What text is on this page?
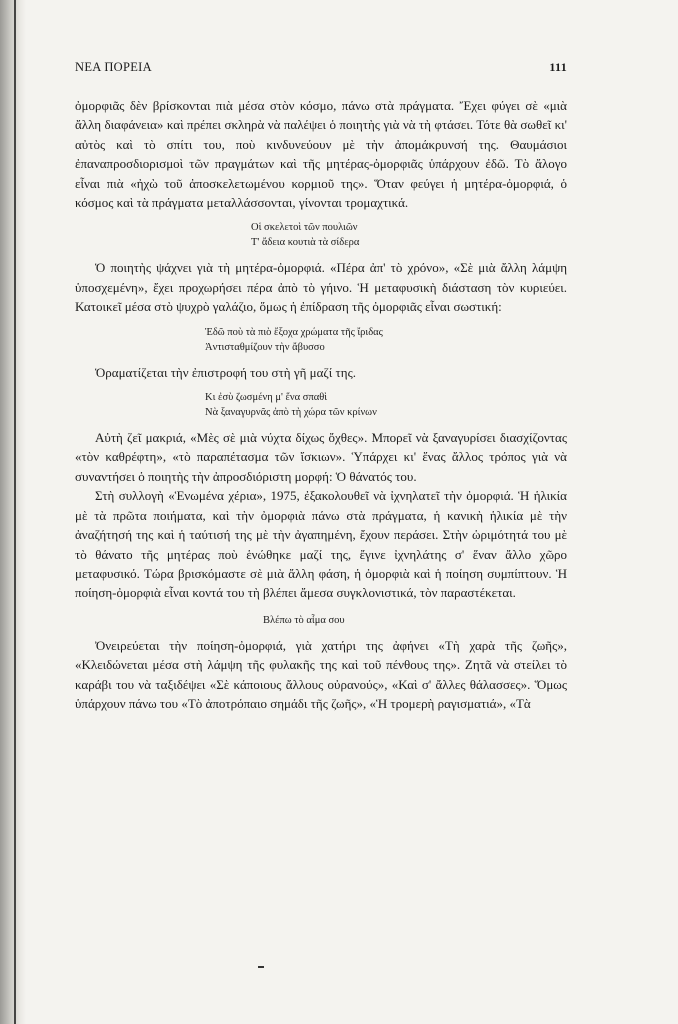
ΝΕΑ ΠΟΡΕΙΑ	111

ὀμορφιᾶς δὲν βρίσκονται πιὰ μέσα στὸν κόσμο, πάνω στὰ πράγματα. Ἔχει φύγει σὲ «μιὰ ἄλλη διαφάνεια» καὶ πρέπει σκληρὰ νὰ παλέψει ὁ ποιητὴς γιὰ νὰ τὴ φτάσει. Τότε θὰ σωθεῖ κι' αὐτὸς καὶ τὸ σπίτι του, ποὺ κινδυνεύουν μὲ τὴν ἀπομάκρυνσή της. Θαυμάσιοι ἐπαναπροσδιορισμοὶ τῶν πραγμάτων καὶ τῆς μητέρας-ὀμορφιᾶς ὑπάρχουν ἐδῶ. Τὸ ἄλογο εἶναι πιὰ «ἠχὼ τοῦ ἀποσκελετωμένου κορμιοῦ της». Ὅταν φεύγει ἡ μητέρα-ὀμορφιά, ὁ κόσμος καὶ τὰ πράγματα μεταλλάσσονται, γίνονται τρομαχτικά.

Οἱ σκελετοὶ τῶν πουλιῶν
Τ' ἄδεια κουτιὰ τὰ σίδερα

Ὁ ποιητὴς ψάχνει γιὰ τὴ μητέρα-ὀμορφιά. «Πέρα ἀπ' τὸ χρόνο», «Σὲ μιὰ ἄλλη λάμψη ὑποσχεμένη», ἔχει προχωρήσει πέρα ἀπὸ τὸ γήινο. Ἡ μεταφυσικὴ διάσταση τὸν κυριεύει. Κατοικεῖ μέσα στὸ ψυχρὸ γαλάζιο, ὅμως ἡ ἐπίδραση τῆς ὀμορφιᾶς εἶναι σωστική:

Ἐδῶ ποὺ τὰ πιὸ ἔξοχα χρώματα τῆς ἴριδας
Ἀντισταθμίζουν τὴν ἄβυσσο

Ὁραματίζεται τὴν ἐπιστροφή του στὴ γῆ μαζί της.

Κι ἐσὺ ζωσμένη μ' ἕνα σπαθὶ
Νὰ ξαναγυρνᾶς ἀπὸ τὴ χώρα τῶν κρίνων

Αὐτὴ ζεῖ μακριά, «Μὲς σὲ μιὰ νύχτα δίχως ὄχθες». Μπορεῖ νὰ ξαναγυρίσει διασχίζοντας «τὸν καθρέφτη», «τὸ παραπέτασμα τῶν ἴσκιων». Ὑπάρχει κι' ἕνας ἄλλος τρόπος γιὰ νὰ συναντήσει ὁ ποιητὴς τὴν ἀπροσδιόριστη μορφή: Ὁ θάνατός του.

Στὴ συλλογὴ «Ἑνωμένα χέρια», 1975, ἐξακολουθεῖ νὰ ἰχνηλατεῖ τὴν ὀμορφιά. Ἡ ἡλικία μὲ τὰ πρῶτα ποιήματα, καὶ τὴν ὀμορφιὰ πάνω στὰ πράγματα, ἡ κανικὴ ἡλικία μὲ τὴν ἀναζήτησή της καὶ ἡ ταύτισή της μὲ τὴν ἀγαπημένη, ἔχουν περάσει. Στὴν ὡριμότητά του μὲ τὸ θάνατο τῆς μητέρας ποὺ ἑνώθηκε μαζί της, ἔγινε ἰχνηλάτης σ' ἕναν ἄλλο χῶρο μεταφυσικό. Τώρα βρισκόμαστε σὲ μιὰ ἄλλη φάση, ἡ ὀμορφιὰ καὶ ἡ ποίηση συμπίπτουν. Ἡ ποίηση-ὀμορφιὰ εἶναι κοντά του τὴ βλέπει ἄμεσα συγκλονιστικά, τὸν παραστέκεται.

Βλέπω τὸ αἷμα σου

Ὀνειρεύεται τὴν ποίηση-ὀμορφιά, γιὰ χατήρι της ἀφήνει «Τὴ χαρὰ τῆς ζωῆς», «Κλειδώνεται μέσα στὴ λάμψη τῆς φυλακῆς της καὶ τοῦ πένθους της». Ζητᾶ νὰ στείλει τὸ καράβι του νὰ ταξιδέψει «Σὲ κάποιους ἄλλους οὐρανούς», «Καὶ σ' ἄλλες θάλασσες». Ὅμως ὑπάρχουν πάνω του «Τὸ ἀποτρόπαιο σημάδι τῆς ζωῆς», «Ἡ τρομερὴ ραγισματιά», «Τὰ
